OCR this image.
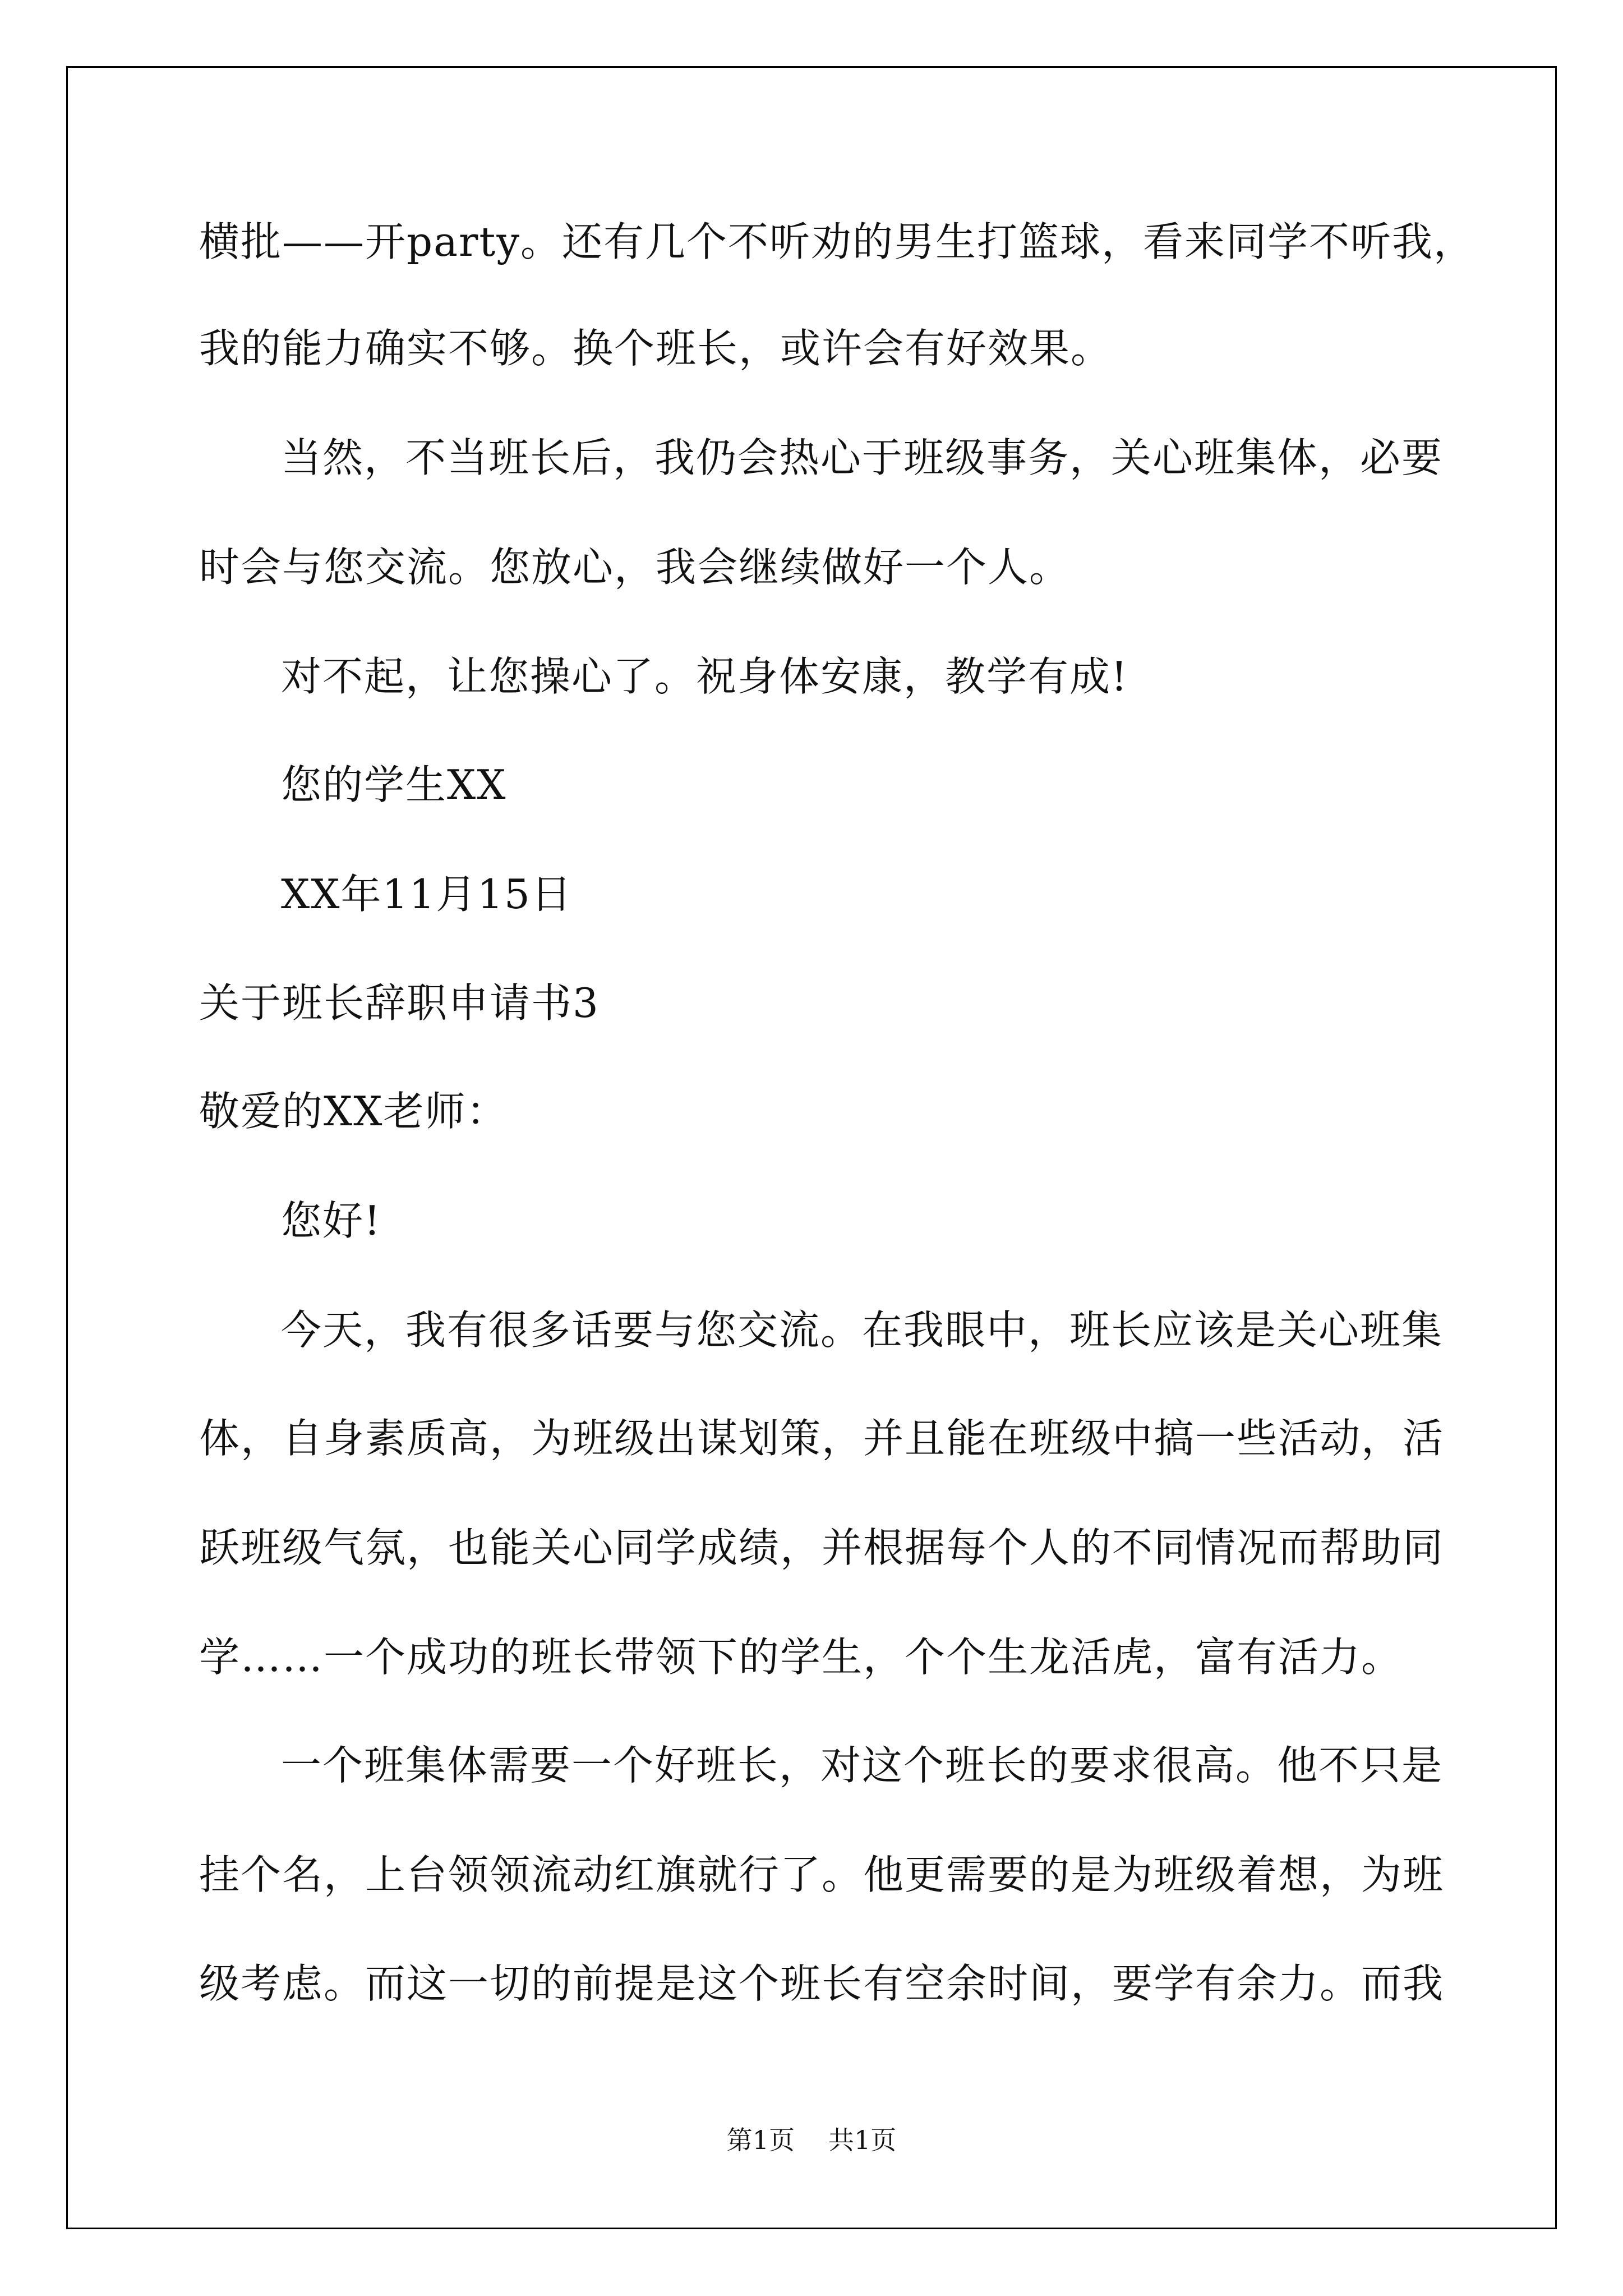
横批——开party。还有几个不听劝的男生打篮球，看来同学不听我，
我的能力确实不够。换个班长，或许会有好效果。
当然，不当班长后，我仍会热心于班级事务，关心班集体，必要
时会与您交流。您放心，我会继续做好一个人。
对不起，让您操心了。祝身体安康，教学有成!
您的学生XX
XX年11月15日
关于班长辞职申请书3
敬爱的XX老师：
您好!
今天，我有很多话要与您交流。在我眼中，班长应该是关心班集
体，自身素质高，为班级出谋划策，并且能在班级中搞一些活动，活
跃班级气氛，也能关心同学成绩，并根据每个人的不同情况而帮助同
学……一个成功的班长带领下的学生，个个生龙活虎，富有活力。
一个班集体需要一个好班长，对这个班长的要求很高。他不只是
挂个名，上台领领流动红旗就行了。他更需要的是为班级着想，为班
级考虑。而这一切的前提是这个班长有空余时间，要学有余力。而我
第1页 共1页
